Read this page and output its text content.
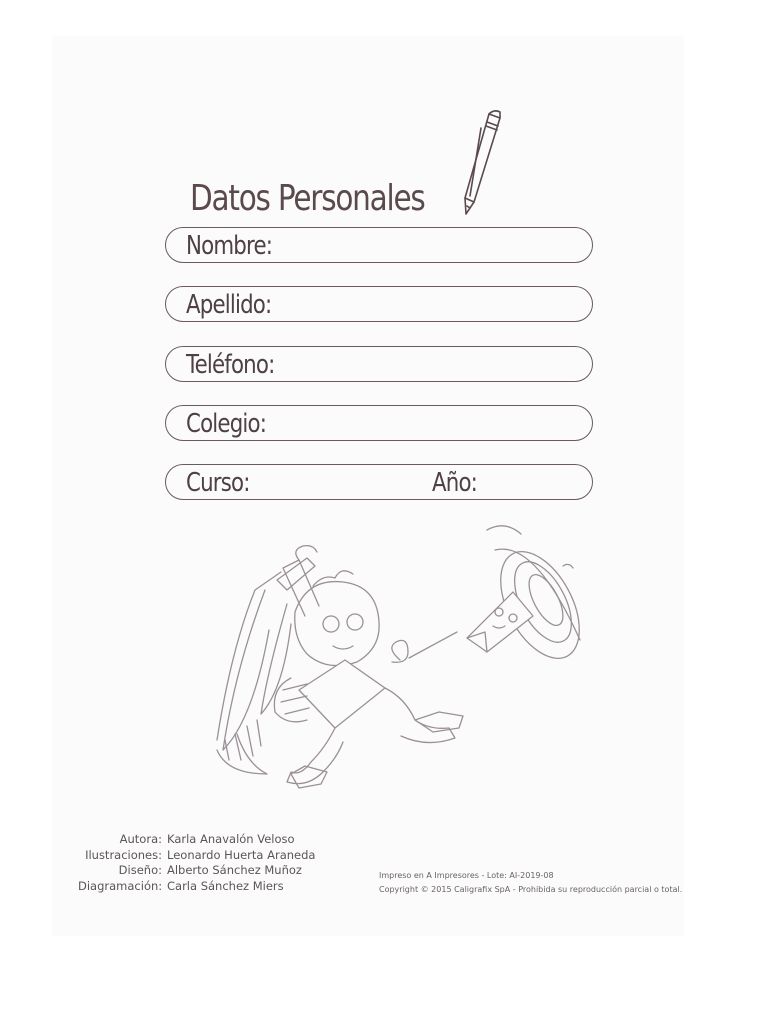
Datos Personales
Nombre:
Apellido:
Teléfono:
Colegio:
Curso:	Año:
Autora: Karla Anavalón Veloso
Ilustraciones: Leonardo Huerta Araneda
Diseño: Alberto Sánchez Muñoz
Diagramación: Carla Sánchez Miers
Impreso en A Impresores - Lote: AI-2019-08
Copyright © 2015 Caligrafix SpA - Prohibida su reproducción parcial o total.
